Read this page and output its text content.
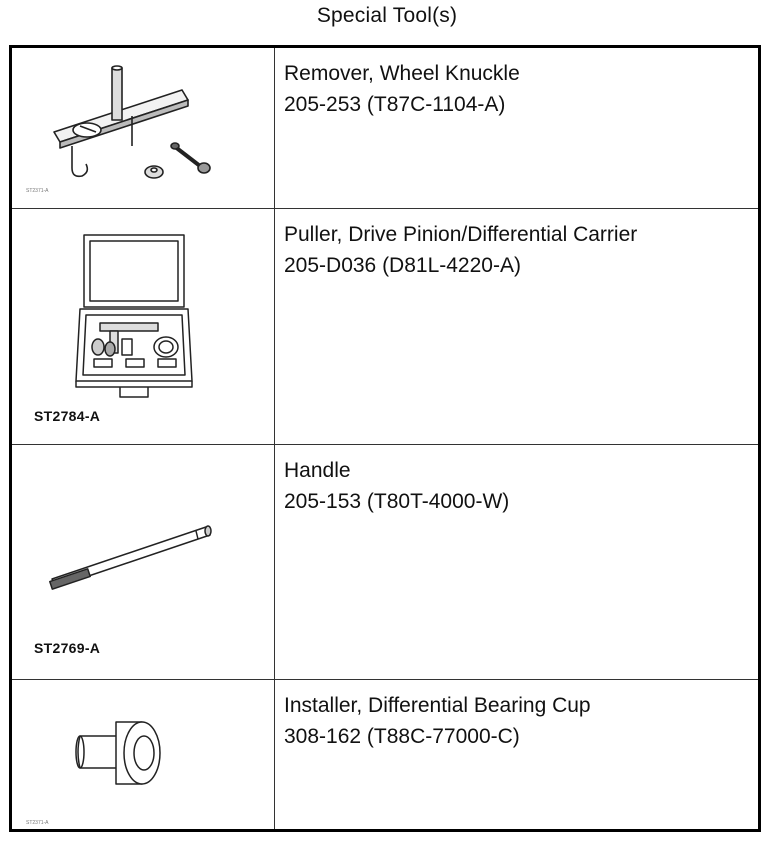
Special Tool(s)
ST2371-A
Remover, Wheel Knuckle
205-253 (T87C-1104-A)
ST2784-A
Puller, Drive Pinion/Differential Carrier
205-D036 (D81L-4220-A)
ST2769-A
Handle
205-153 (T80T-4000-W)
ST2371-A
Installer, Differential Bearing Cup
308-162 (T88C-77000-C)
